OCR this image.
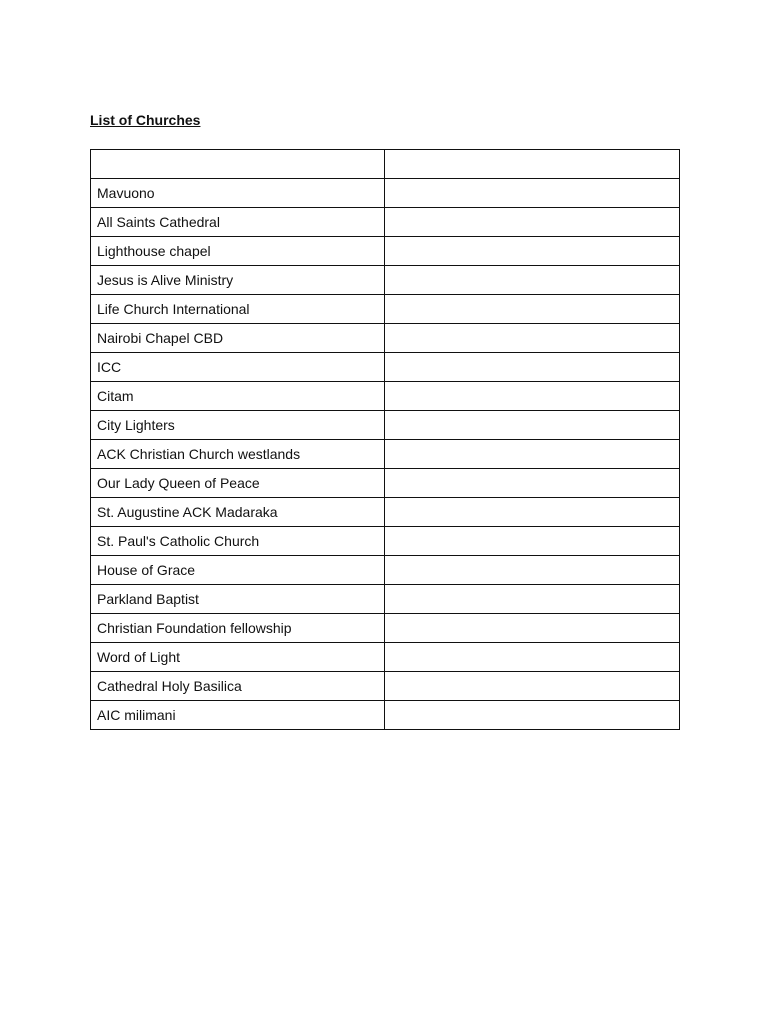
List of Churches

Mavuono	
All Saints Cathedral	
Lighthouse chapel	
Jesus is Alive Ministry	
Life Church International	
Nairobi Chapel CBD	
ICC	
Citam	
City Lighters	
ACK Christian Church westlands	
Our Lady Queen of Peace	
St. Augustine ACK Madaraka	
St. Paul's Catholic Church	
House of Grace	
Parkland Baptist	
Christian Foundation fellowship	
Word of Light	
Cathedral Holy Basilica	
AIC milimani	
